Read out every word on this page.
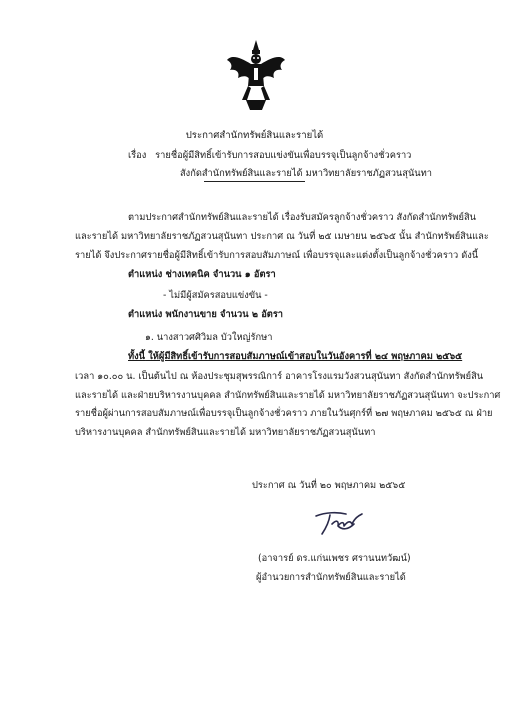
ประกาศสำนักทรัพย์สินและรายได้
เรื่อง รายชื่อผู้มีสิทธิ์เข้ารับการสอบแข่งขันเพื่อบรรจุเป็นลูกจ้างชั่วคราว
สังกัดสำนักทรัพย์สินและรายได้ มหาวิทยาลัยราชภัฏสวนสุนันทา
ตามประกาศสำนักทรัพย์สินและรายได้ เรื่องรับสมัครลูกจ้างชั่วคราว สังกัดสำนักทรัพย์สิน
และรายได้ มหาวิทยาลัยราชภัฏสวนสุนันทา ประกาศ ณ วันที่ ๒๕ เมษายน ๒๕๖๕ นั้น สำนักทรัพย์สินและ
รายได้ จึงประกาศรายชื่อผู้มีสิทธิ์เข้ารับการสอบสัมภาษณ์ เพื่อบรรจุและแต่งตั้งเป็นลูกจ้างชั่วคราว ดังนี้
ตำแหน่ง ช่างเทคนิค จำนวน ๑ อัตรา
- ไม่มีผู้สมัครสอบแข่งขัน -
ตำแหน่ง พนักงานขาย จำนวน ๒ อัตรา
๑. นางสาวศศิวิมล บัวใหญ่รักษา
ทั้งนี้ ให้ผู้มีสิทธิ์เข้ารับการสอบสัมภาษณ์เข้าสอบในวันอังคารที่ ๒๔ พฤษภาคม ๒๕๖๕
เวลา ๑๐.๐๐ น. เป็นต้นไป ณ ห้องประชุมสุพรรณิการ์ อาคารโรงแรมวังสวนสุนันทา สังกัดสำนักทรัพย์สิน
และรายได้ และฝ่ายบริหารงานบุคคล สำนักทรัพย์สินและรายได้ มหาวิทยาลัยราชภัฏสวนสุนันทา จะประกาศ
รายชื่อผู้ผ่านการสอบสัมภาษณ์เพื่อบรรจุเป็นลูกจ้างชั่วคราว ภายในวันศุกร์ที่ ๒๗ พฤษภาคม ๒๕๖๕ ณ ฝ่าย
บริหารงานบุคคล สำนักทรัพย์สินและรายได้ มหาวิทยาลัยราชภัฏสวนสุนันทา
ประกาศ ณ วันที่ ๒๐ พฤษภาคม ๒๕๖๕
(อาจารย์ ดร.แก่นเพชร ศรานนทวัฒน์)
ผู้อำนวยการสำนักทรัพย์สินและรายได้
